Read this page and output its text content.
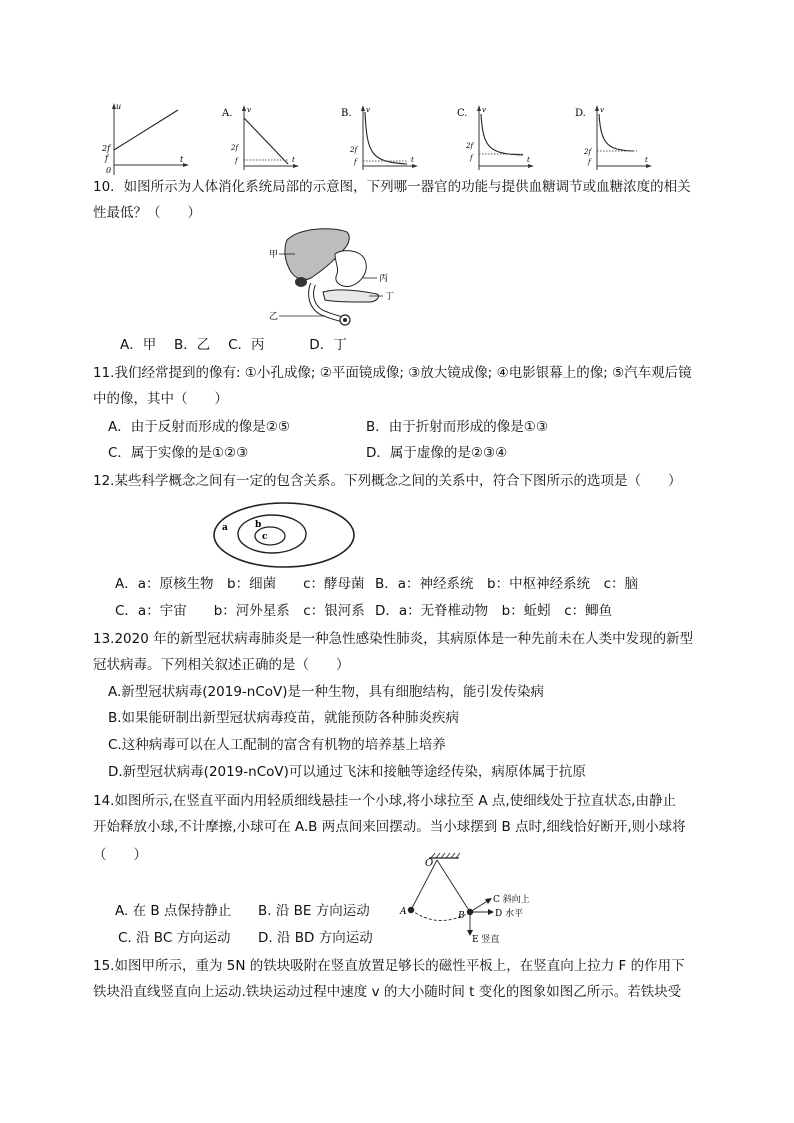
u
2f
f
0
t
A. v
2f
f	t
B. v
2f
f	t
C. v
2f
f	t
D. v
2f
f	t
10．如图所示为人体消化系统局部的示意图，下列哪一器官的功能与提供血糖调节或血糖浓度的相关
性最低？（　　）
甲
丙
丁
乙
A．甲　 B．乙　 C．丙　　　 D．丁
11.我们经常提到的像有: ①小孔成像; ②平面镜成像; ③放大镜成像; ④电影银幕上的像; ⑤汽车观后镜
中的像，其中（　　）
A．由于反射而形成的像是②⑤	B．由于折射而形成的像是①③
C．属于实像的是①②③	D．属于虚像的是②③④
12.某些科学概念之间有一定的包含关系。下列概念之间的关系中，符合下图所示的选项是（　　）
a	b
c
A．a：原核生物　b：细菌　　c：酵母菌 B．a：神经系统　b：中枢神经系统　c：脑
C．a：宇宙　　b：河外星系　c：银河系 D．a：无脊椎动物　b：蚯蚓　c：鲫鱼
13.2020 年的新型冠状病毒肺炎是一种急性感染性肺炎，其病原体是一种先前未在人类中发现的新型
冠状病毒。下列相关叙述正确的是（　　）
A.新型冠状病毒(2019-nCoV)是一种生物，具有细胞结构，能引发传染病
B.如果能研制出新型冠状病毒疫苗，就能预防各种肺炎疾病
C.这种病毒可以在人工配制的富含有机物的培养基上培养
D.新型冠状病毒(2019-nCoV)可以通过飞沫和接触等途经传染，病原体属于抗原
14.如图所示,在竖直平面内用轻质细线悬挂一个小球,将小球拉至 A 点,使细线处于拉直状态,由静止
开始释放小球,不计摩擦,小球可在 A.B 两点间来回摆动。当小球摆到 B 点时,细线恰好断开,则小球将
（　　）
O
A	B
C 斜向上
D 水平
E 竖直
A. 在 B 点保持静止 B. 沿 BE 方向运动
C. 沿 BC 方向运动 D. 沿 BD 方向运动
15.如图甲所示，重为 5N 的铁块吸附在竖直放置足够长的磁性平板上，在竖直向上拉力 F 的作用下
铁块沿直线竖直向上运动.铁块运动过程中速度 v 的大小随时间 t 变化的图象如图乙所示。若铁块受
